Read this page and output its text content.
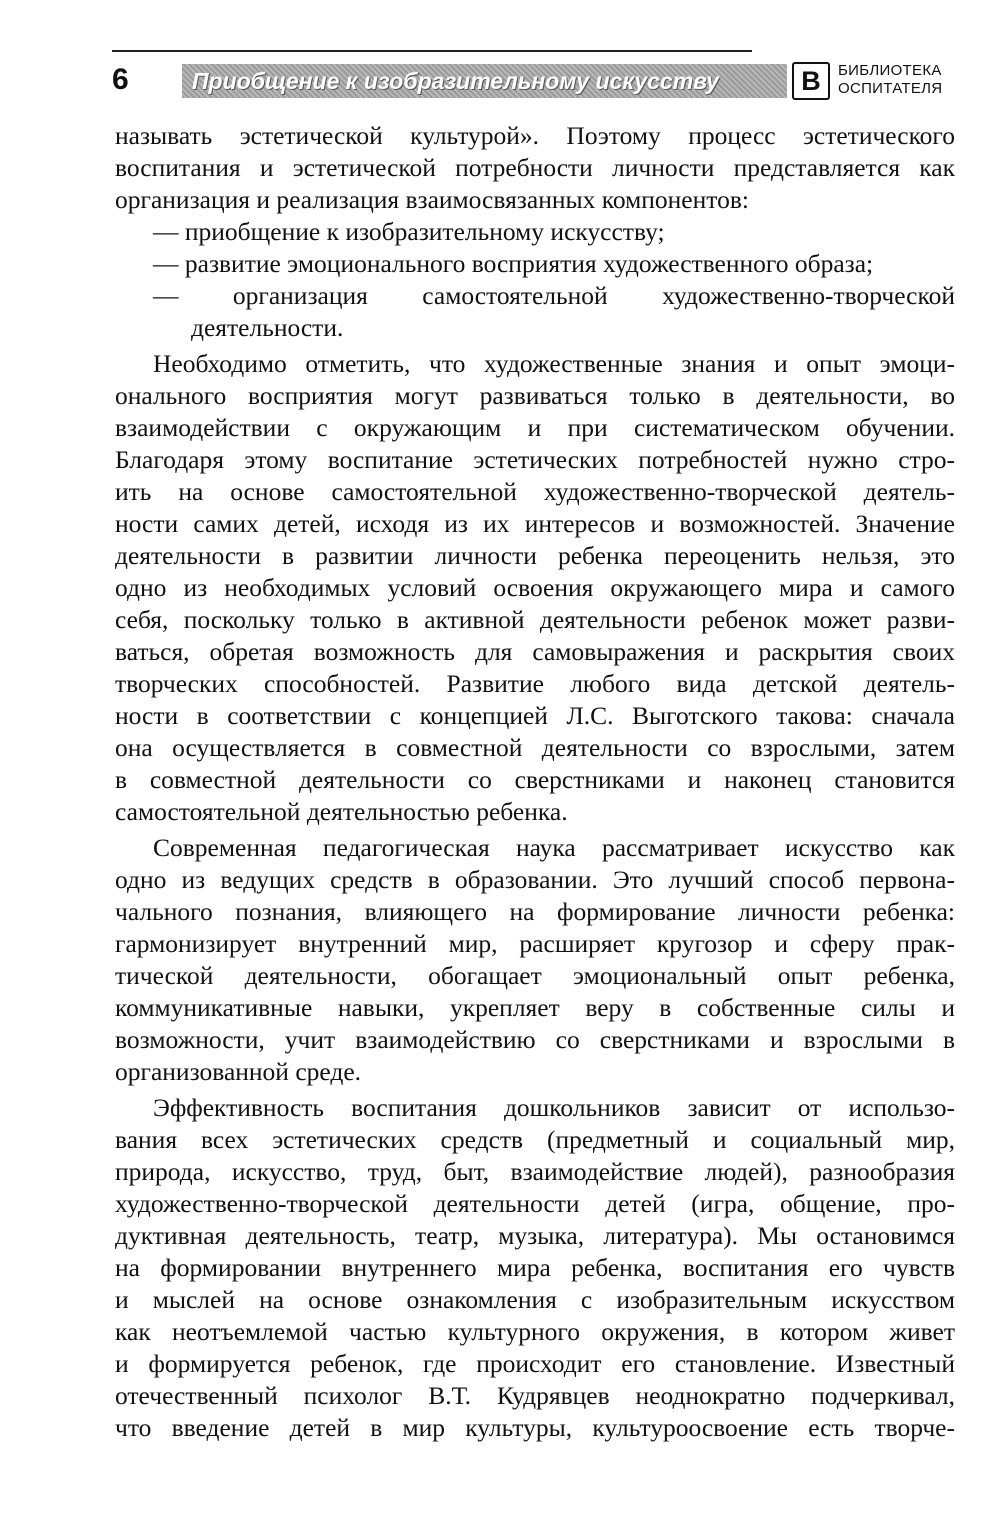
6	Приобщение к изобразительному искусству	В	БИБЛИОТЕКА
ОСПИТАТЕЛЯ
называть эстетической культурой». Поэтому процесс эстетического
воспитания и эстетической потребности личности представляется как
организация и реализация взаимосвязанных компонентов:
— приобщение к изобразительному искусству;
— развитие эмоционального восприятия художественного образа;
— организация самостоятельной художественно-творческой
деятельности.
Необходимо отметить, что художественные знания и опыт эмоци-
онального восприятия могут развиваться только в деятельности, во
взаимодействии с окружающим и при систематическом обучении.
Благодаря этому воспитание эстетических потребностей нужно стро-
ить на основе самостоятельной художественно-творческой деятель-
ности самих детей, исходя из их интересов и возможностей. Значение
деятельности в развитии личности ребенка переоценить нельзя, это
одно из необходимых условий освоения окружающего мира и самого
себя, поскольку только в активной деятельности ребенок может разви-
ваться, обретая возможность для самовыражения и раскрытия своих
творческих способностей. Развитие любого вида детской деятель-
ности в соответствии с концепцией Л.С. Выготского такова: сначала
она осуществляется в совместной деятельности со взрослыми, затем
в совместной деятельности со сверстниками и наконец становится
самостоятельной деятельностью ребенка.
Современная педагогическая наука рассматривает искусство как
одно из ведущих средств в образовании. Это лучший способ первона-
чального познания, влияющего на формирование личности ребенка:
гармонизирует внутренний мир, расширяет кругозор и сферу прак-
тической деятельности, обогащает эмоциональный опыт ребенка,
коммуникативные навыки, укрепляет веру в собственные силы и
возможности, учит взаимодействию со сверстниками и взрослыми в
организованной среде.
Эффективность воспитания дошкольников зависит от использо-
вания всех эстетических средств (предметный и социальный мир,
природа, искусство, труд, быт, взаимодействие людей), разнообразия
художественно-творческой деятельности детей (игра, общение, про-
дуктивная деятельность, театр, музыка, литература). Мы остановимся
на формировании внутреннего мира ребенка, воспитания его чувств
и мыслей на основе ознакомления с изобразительным искусством
как неотъемлемой частью культурного окружения, в котором живет
и формируется ребенок, где происходит его становление. Известный
отечественный психолог В.Т. Кудрявцев неоднократно подчеркивал,
что введение детей в мир культуры, культуроосвоение есть творче-
